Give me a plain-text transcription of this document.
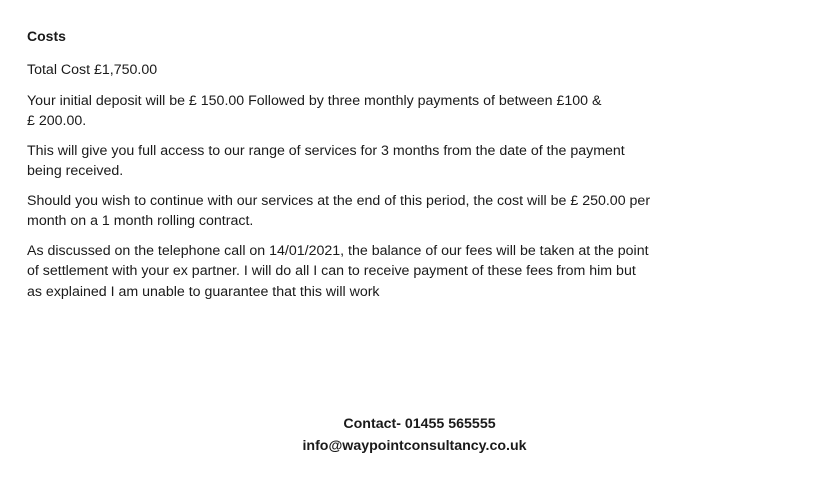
Costs
Total Cost £1,750.00
Your initial deposit will be £ 150.00 Followed by three monthly payments of between £100 &
£ 200.00.
This will give you full access to our range of services for 3 months from the date of the payment
being received.
Should you wish to continue with our services at the end of this period, the cost will be £ 250.00 per
month on a 1 month rolling contract.
As discussed on the telephone call on 14/01/2021, the balance of our fees will be taken at the point
of settlement with your ex partner. I will do all I can to receive payment of these fees from him but
as explained I am unable to guarantee that this will work
Contact- 01455 565555
info@waypointconsultancy.co.uk
